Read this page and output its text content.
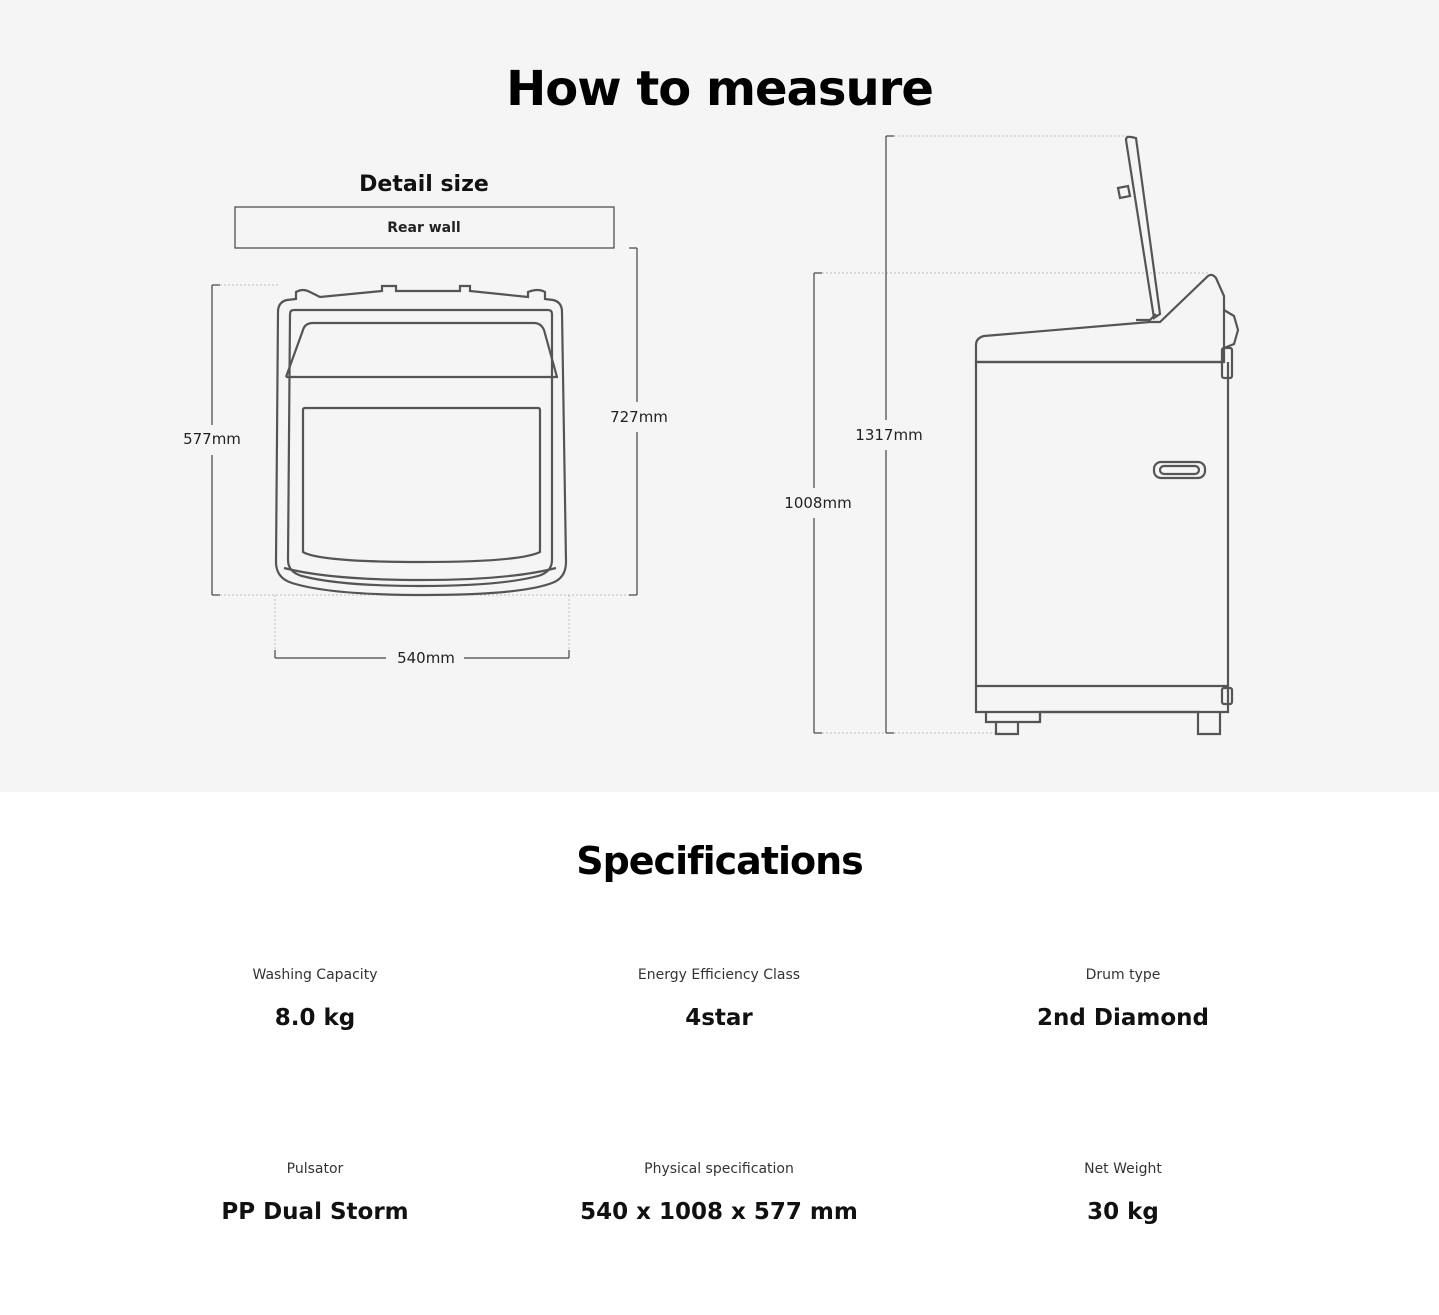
How to measure
Detail size
Rear wall
577mm
727mm
540mm
1317mm
1008mm
Specifications
Washing Capacity
8.0 kg
Energy Efficiency Class
4star
Drum type
2nd Diamond
Pulsator
PP Dual Storm
Physical specification
540 x 1008 x 577 mm
Net Weight
30 kg
